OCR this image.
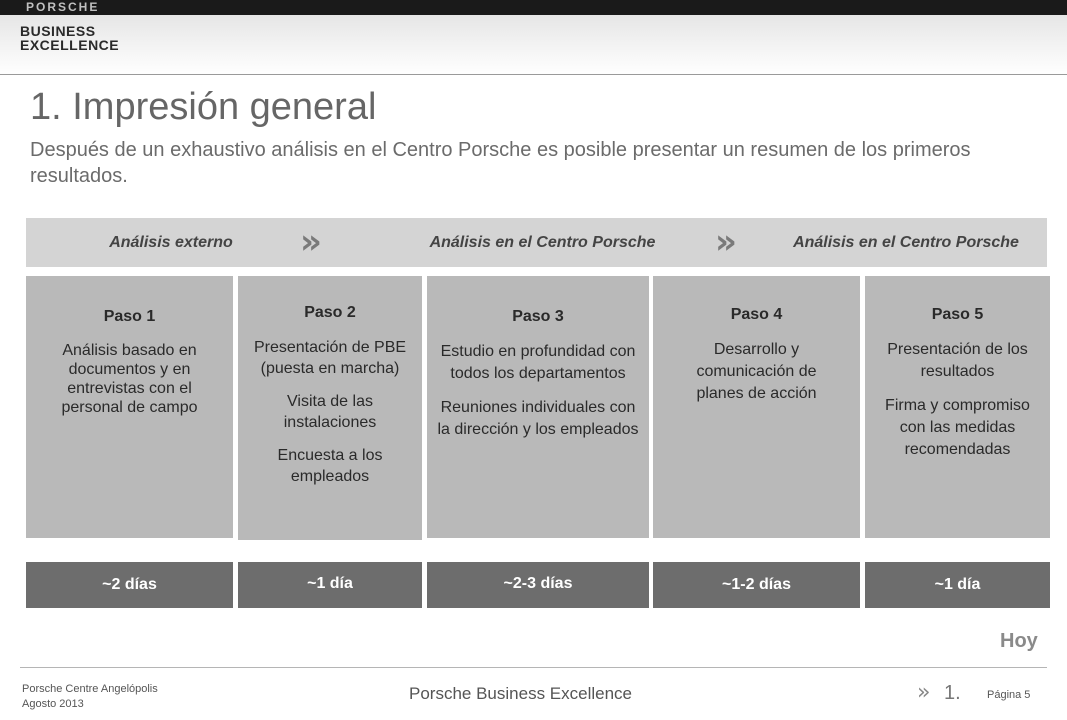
PORSCHE
BUSINESS
EXCELLENCE
1. Impresión general
Después de un exhaustivo análisis en el Centro Porsche es posible presentar un resumen de los primeros resultados.
Análisis externo	»	Análisis en el Centro Porsche	»	Análisis en el Centro Porsche
Paso 1

Análisis basado en documentos y en entrevistas con el personal de campo

Paso 2

Presentación de PBE (puesta en marcha)

Visita de las instalaciones

Encuesta a los empleados

Paso 3

Estudio en profundidad con todos los departamentos

Reuniones individuales con la dirección y los empleados

Paso 4

Desarrollo y comunicación de planes de acción

Paso 5

Presentación de los resultados

Firma y compromiso con las medidas recomendadas

~2 días	~1 día	~2-3 días	~1-2 días	~1 día
Hoy
Porsche Centre Angelópolis
Agosto 2013
Porsche Business Excellence	» 1. Página 5
